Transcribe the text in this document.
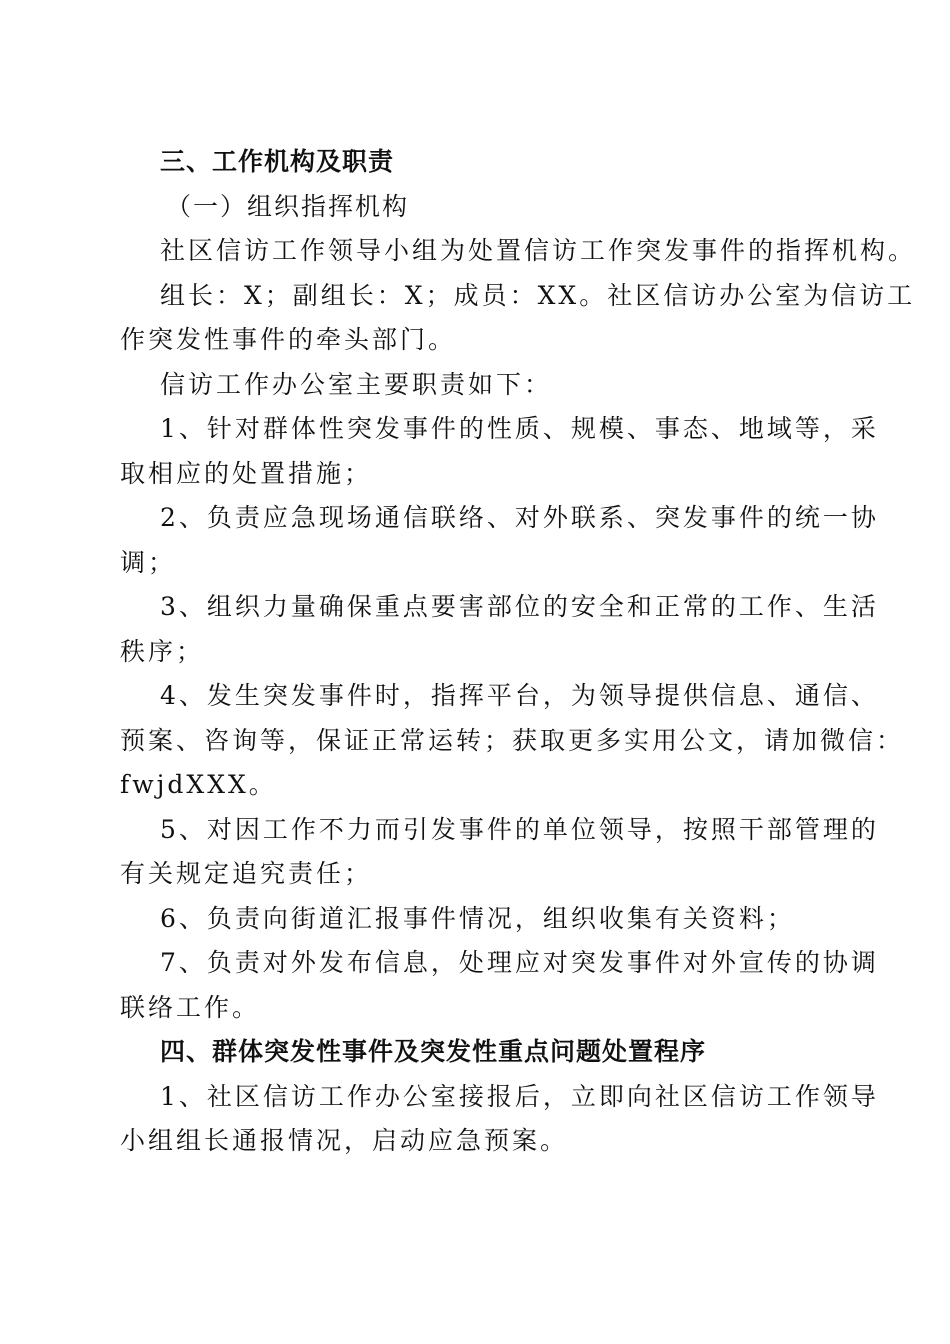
三、工作机构及职责
（一）组织指挥机构
社区信访工作领导小组为处置信访工作突发事件的指挥机构。
组长：X；副组长：X；成员：XX。社区信访办公室为信访工
作突发性事件的牵头部门。
信访工作办公室主要职责如下：
1、针对群体性突发事件的性质、规模、事态、地域等，采
取相应的处置措施；
2、负责应急现场通信联络、对外联系、突发事件的统一协
调；
3、组织力量确保重点要害部位的安全和正常的工作、生活
秩序；
4、发生突发事件时，指挥平台，为领导提供信息、通信、
预案、咨询等，保证正常运转；获取更多实用公文，请加微信：
fwjdXXX。
5、对因工作不力而引发事件的单位领导，按照干部管理的
有关规定追究责任；
6、负责向街道汇报事件情况，组织收集有关资料；
7、负责对外发布信息，处理应对突发事件对外宣传的协调
联络工作。
四、群体突发性事件及突发性重点问题处置程序
1、社区信访工作办公室接报后，立即向社区信访工作领导
小组组长通报情况，启动应急预案。
